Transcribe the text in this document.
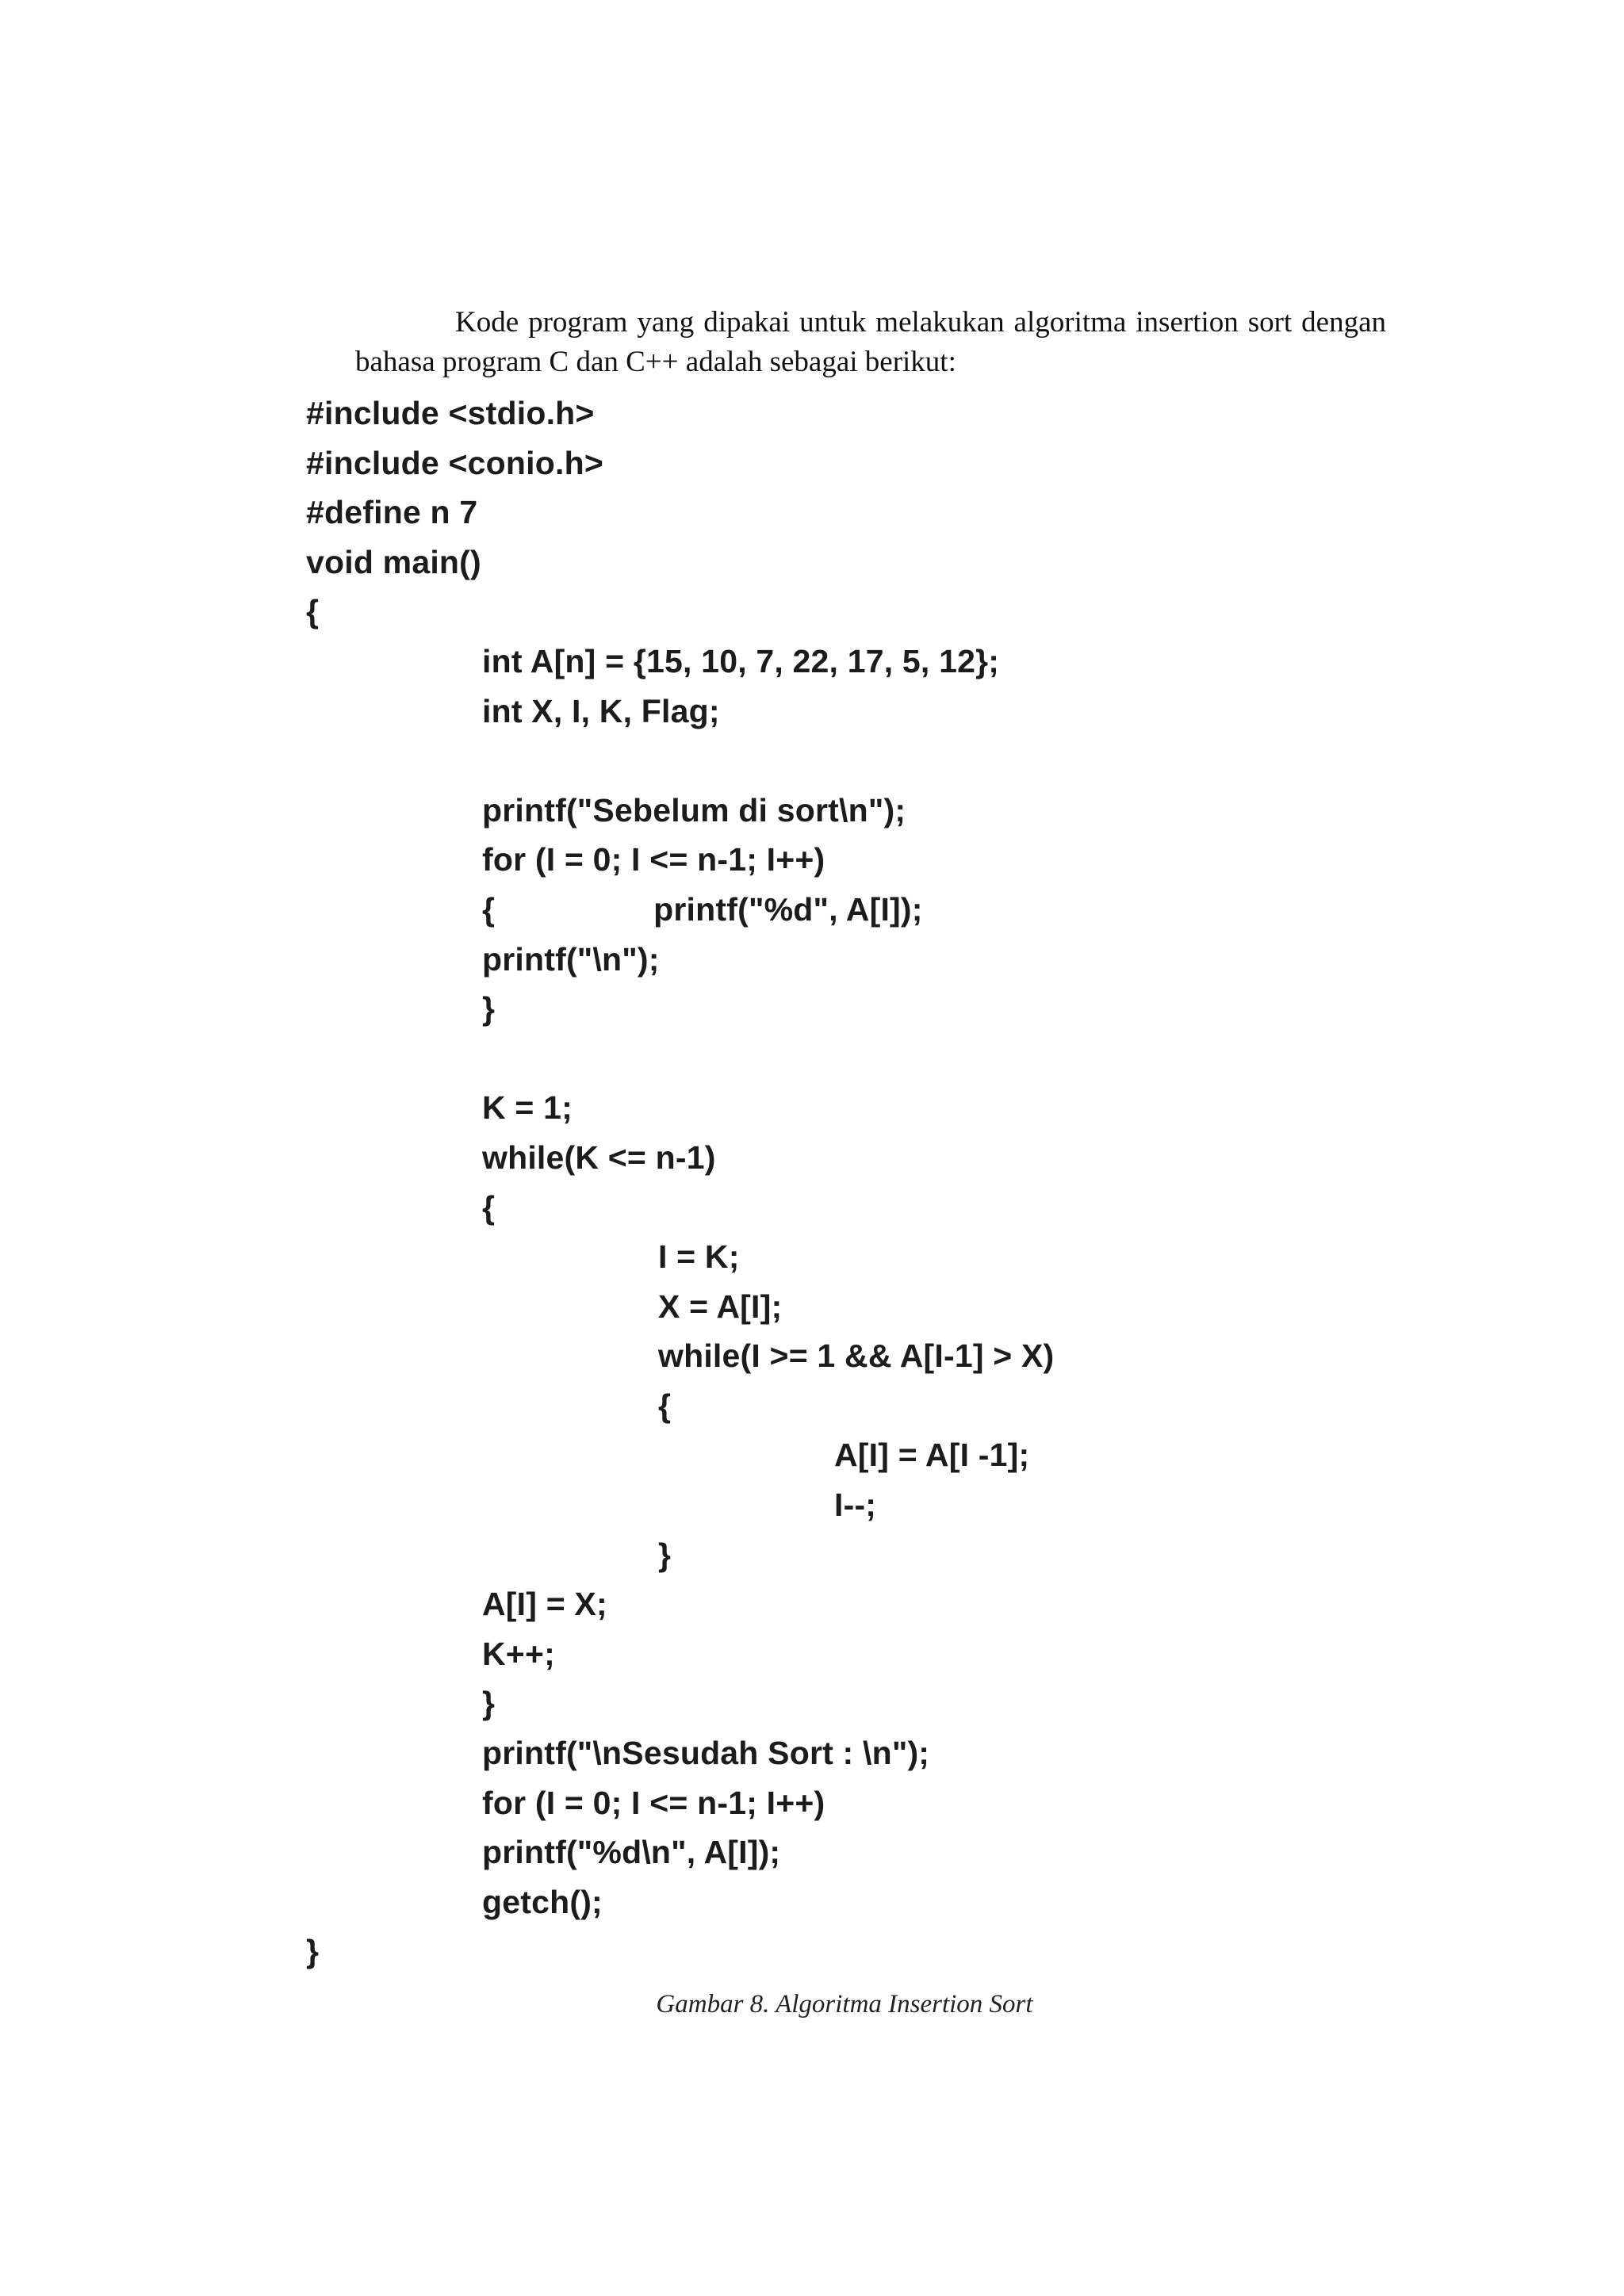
Kode program yang dipakai untuk melakukan algoritma insertion sort dengan bahasa program C dan C++ adalah sebagai berikut:

#include <stdio.h>
#include <conio.h>
#define n 7
void main()
{
int A[n] = {15, 10, 7, 22, 17, 5, 12};
int X, I, K, Flag;
printf("Sebelum di sort\n");
for (I = 0; I <= n-1; I++)
{	printf("%d", A[I]);
printf("\n");
}
K = 1;
while(K <= n-1)
{
I = K;
X = A[I];
while(I >= 1 && A[I-1] > X)
{
A[I] = A[I -1];
I--;
}
A[I] = X;
K++;
}
printf("\nSesudah Sort : \n");
for (I = 0; I <= n-1; I++)
printf("%d\n", A[I]);
getch();
}
Gambar 8. Algoritma Insertion Sort
